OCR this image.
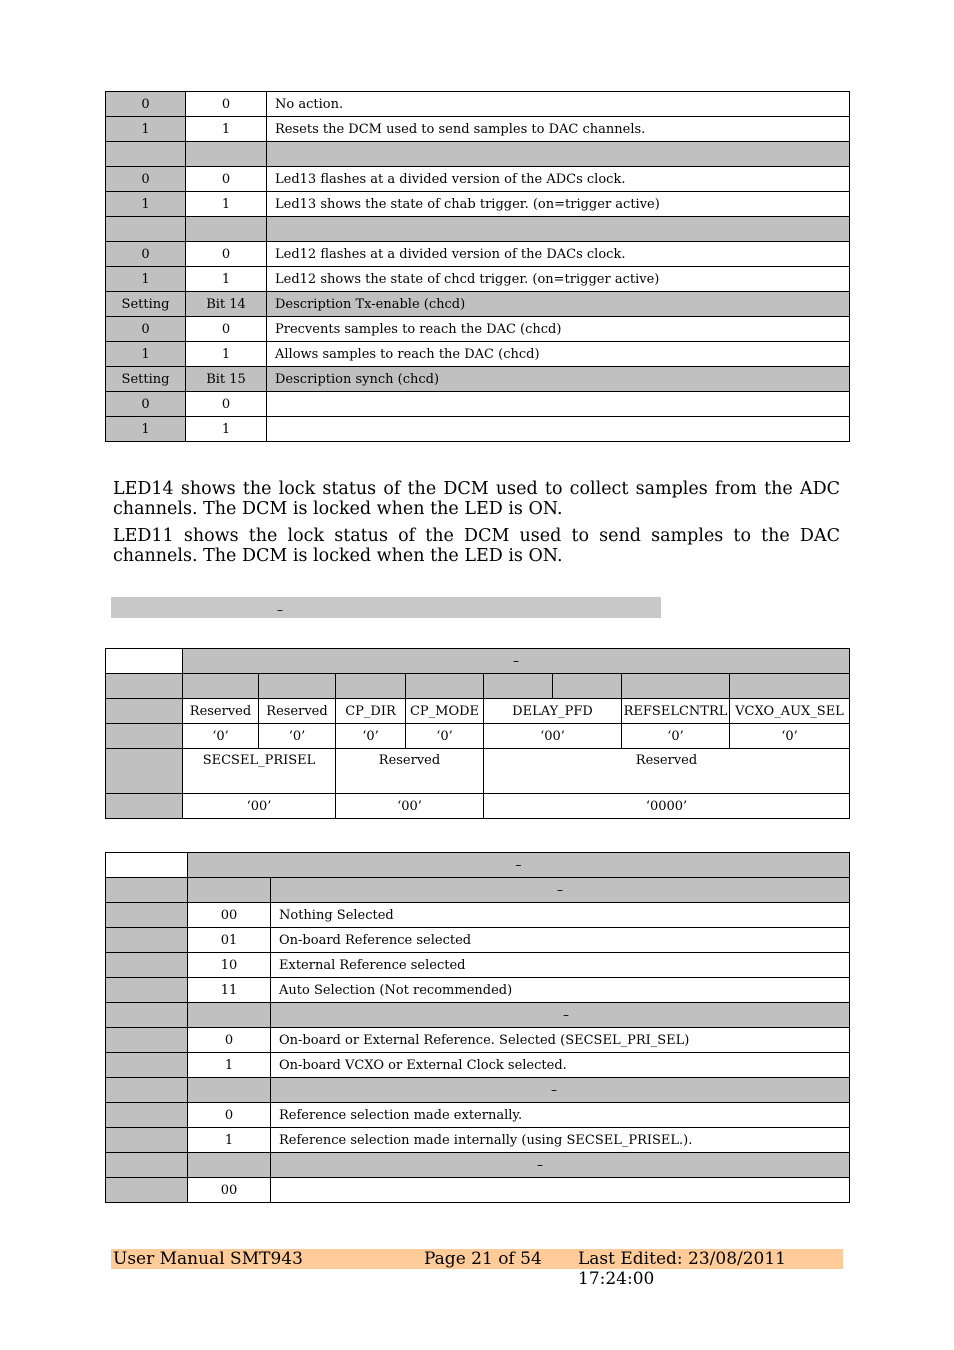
0	0	No action.
1	1	Resets the DCM used to send samples to DAC channels.

0	0	Led13 flashes at a divided version of the ADCs clock.
1	1	Led13 shows the state of chab trigger. (on=trigger active)

0	0	Led12 flashes at a divided version of the DACs clock.
1	1	Led12 shows the state of chcd trigger. (on=trigger active)
Setting	Bit 14	Description Tx-enable (chcd)
0	0	Precvents samples to reach the DAC (chcd)
1	1	Allows samples to reach the DAC (chcd)
Setting	Bit 15	Description synch (chcd)
0	0	
1	1	
LED14 shows the lock status of the DCM used to collect samples from the ADC channels. The DCM is locked when the LED is ON.
LED11 shows the lock status of the DCM used to send samples to the DAC channels. The DCM is locked when the LED is ON.
–
	–							

	Reserved	Reserved	CP_DIR	CP_MODE	DELAY_PFD		REFSELCNTRL	VCXO_AUX_SEL
	‘0’	‘0’	‘0’	‘0’	‘00’		‘0’	‘0’
	SECSEL_PRISEL		Reserved		Reserved			
	‘00’		‘00’		‘0000’			
	–	
		–
	00	Nothing Selected
	01	On-board Reference selected
	10	External Reference selected
	11	Auto Selection (Not recommended)
		–
	0	On-board or External Reference. Selected (SECSEL_PRI_SEL)
	1	On-board VCXO or External Clock selected.
		–
	0	Reference selection made externally.
	1	Reference selection made internally (using SECSEL_PRISEL.).
		–
	00	
User Manual SMT943	Page 21 of 54 Last Edited: 23/08/2011 17:24:00
